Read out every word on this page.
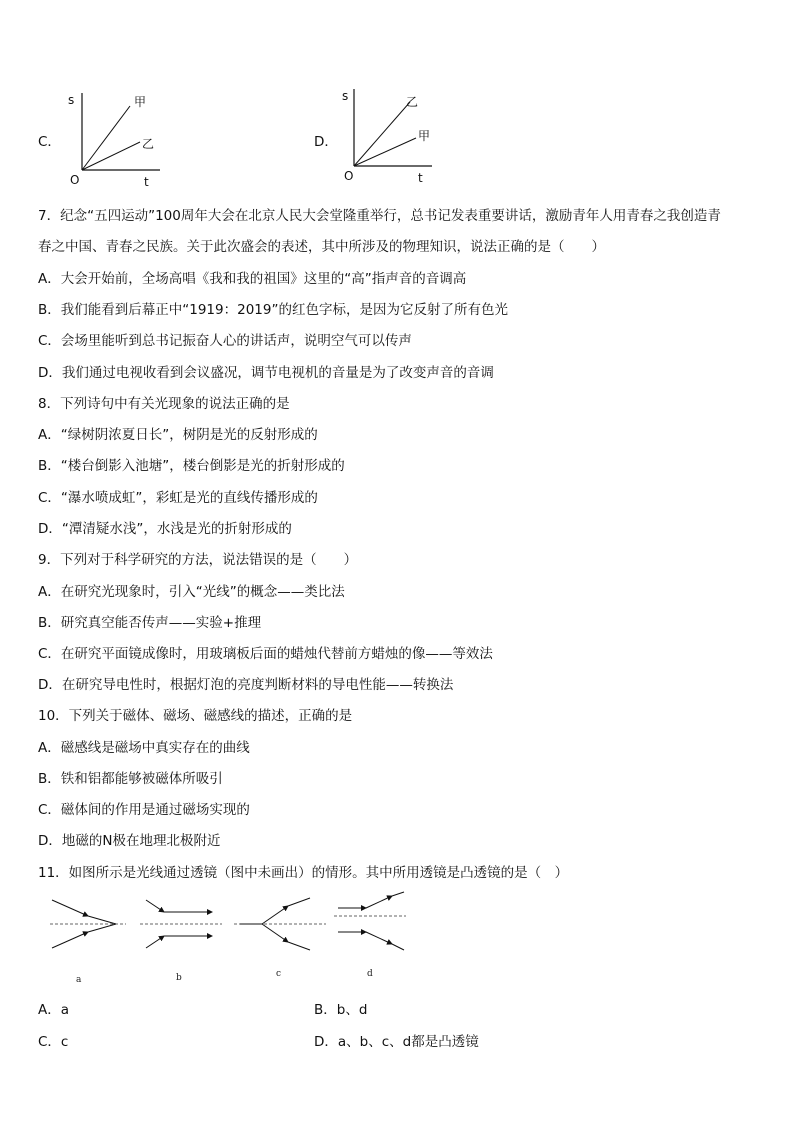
C．
s
t
O
甲
乙	D．
s
t
O
乙
甲
7．纪念“五四运动”100周年大会在北京人民大会堂隆重举行，总书记发表重要讲话，激励青年人用青春之我创造青
春之中国、青春之民族。关于此次盛会的表述，其中所涉及的物理知识，说法正确的是（　　）
A．大会开始前，全场高唱《我和我的祖国》这里的“高”指声音的音调高
B．我们能看到后幕正中“1919：2019”的红色字标，是因为它反射了所有色光
C．会场里能听到总书记振奋人心的讲话声，说明空气可以传声
D．我们通过电视收看到会议盛况，调节电视机的音量是为了改变声音的音调
8．下列诗句中有关光现象的说法正确的是
A．“绿树阴浓夏日长”，树阴是光的反射形成的
B．“楼台倒影入池塘”，楼台倒影是光的折射形成的
C．“瀑水喷成虹”，彩虹是光的直线传播形成的
D．“潭清疑水浅”，水浅是光的折射形成的
9．下列对于科学研究的方法，说法错误的是（　　）
A．在研究光现象时，引入“光线”的概念——类比法
B．研究真空能否传声——实验+推理
C．在研究平面镜成像时，用玻璃板后面的蜡烛代替前方蜡烛的像——等效法
D．在研究导电性时，根据灯泡的亮度判断材料的导电性能——转换法
10．下列关于磁体、磁场、磁感线的描述，正确的是
A．磁感线是磁场中真实存在的曲线
B．铁和铝都能够被磁体所吸引
C．磁体间的作用是通过磁场实现的
D．地磁的N极在地理北极附近
11．如图所示是光线通过透镜（图中未画出）的情形。其中所用透镜是凸透镜的是（　）
a	b	c	d
A．a	B．b、d
C．c	D．a、b、c、d都是凸透镜
